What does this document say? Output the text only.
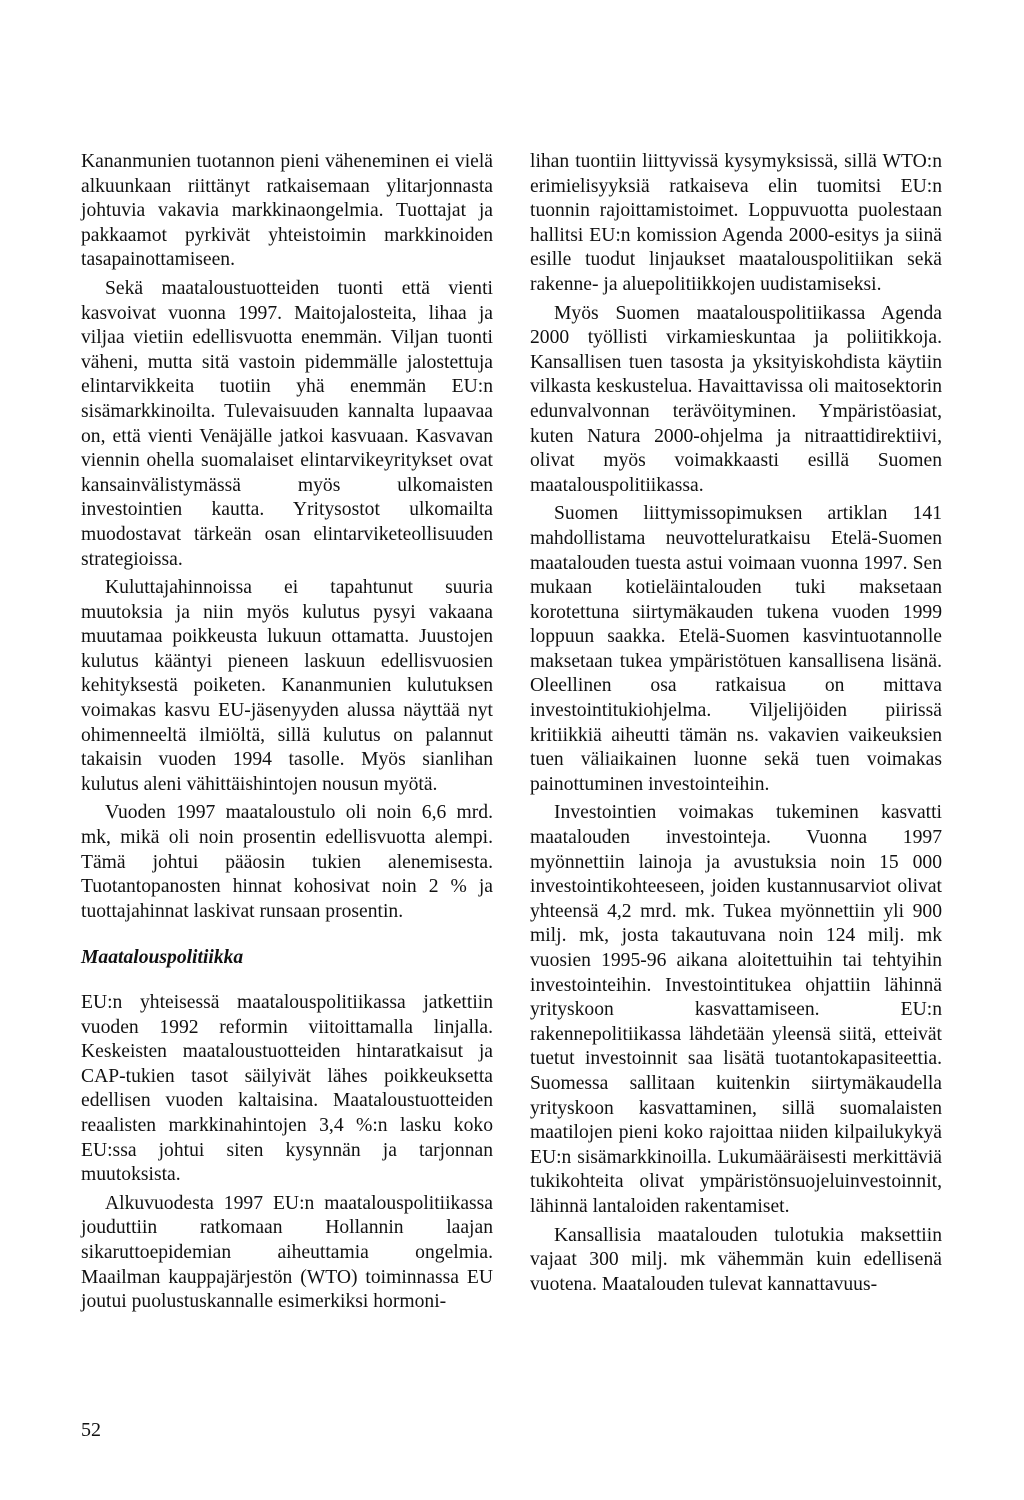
Kananmunien tuotannon pieni väheneminen ei vielä alkuunkaan riittänyt ratkaisemaan ylitarjonnasta johtuvia vakavia markkinaongelmia. Tuottajat ja pakkaamot pyrkivät yhteistoimin markkinoiden tasapainottamiseen.

Sekä maataloustuotteiden tuonti että vienti kasvoivat vuonna 1997. Maitojalosteita, lihaa ja viljaa vietiin edellisvuotta enemmän. Viljan tuonti väheni, mutta sitä vastoin pidemmälle jalostettuja elintarvikkeita tuotiin yhä enemmän EU:n sisämarkkinoilta. Tulevaisuuden kannalta lupaavaa on, että vienti Venäjälle jatkoi kasvuaan. Kasvavan viennin ohella suomalaiset elintarvikeyritykset ovat kansainvälistymässä myös ulkomaisten investointien kautta. Yritysostot ulkomailta muodostavat tärkeän osan elintarviketeollisuuden strategioissa.

Kuluttajahinnoissa ei tapahtunut suuria muutoksia ja niin myös kulutus pysyi vakaana muutamaa poikkeusta lukuun ottamatta. Juustojen kulutus kääntyi pieneen laskuun edellisvuosien kehityksestä poiketen. Kananmunien kulutuksen voimakas kasvu EU-jäsenyyden alussa näyttää nyt ohimenneeltä ilmiöltä, sillä kulutus on palannut takaisin vuoden 1994 tasolle. Myös sianlihan kulutus aleni vähittäishintojen nousun myötä.

Vuoden 1997 maataloustulo oli noin 6,6 mrd. mk, mikä oli noin prosentin edellisvuotta alempi. Tämä johtui pääosin tukien alenemisesta. Tuotantopanosten hinnat kohosivat noin 2 % ja tuottajahinnat laskivat runsaan prosentin.

Maatalouspolitiikka

EU:n yhteisessä maatalouspolitiikassa jatkettiin vuoden 1992 reformin viitoittamalla linjalla. Keskeisten maataloustuotteiden hintaratkaisut ja CAP-tukien tasot säilyivät lähes poikkeuksetta edellisen vuoden kaltaisina. Maataloustuotteiden reaalisten markkinahintojen 3,4 %:n lasku koko EU:ssa johtui siten kysynnän ja tarjonnan muutoksista.

Alkuvuodesta 1997 EU:n maatalouspolitiikassa jouduttiin ratkomaan Hollannin laajan sikaruttoepidemian aiheuttamia ongelmia. Maailman kauppajärjestön (WTO) toiminnassa EU joutui puolustuskannalle esimerkiksi hormoni-

lihan tuontiin liittyvissä kysymyksissä, sillä WTO:n erimielisyyksiä ratkaiseva elin tuomitsi EU:n tuonnin rajoittamistoimet. Loppuvuotta puolestaan hallitsi EU:n komission Agenda 2000-esitys ja siinä esille tuodut linjaukset maatalouspolitiikan sekä rakenne- ja aluepolitiikkojen uudistamiseksi.

Myös Suomen maatalouspolitiikassa Agenda 2000 työllisti virkamieskuntaa ja poliitikkoja. Kansallisen tuen tasosta ja yksityiskohdista käytiin vilkasta keskustelua. Havaittavissa oli maitosektorin edunvalvonnan terävöityminen. Ympäristöasiat, kuten Natura 2000-ohjelma ja nitraattidirektiivi, olivat myös voimakkaasti esillä Suomen maatalouspolitiikassa.

Suomen liittymissopimuksen artiklan 141 mahdollistama neuvotteluratkaisu Etelä-Suomen maatalouden tuesta astui voimaan vuonna 1997. Sen mukaan kotieläintalouden tuki maksetaan korotettuna siirtymäkauden tukena vuoden 1999 loppuun saakka. Etelä-Suomen kasvintuotannolle maksetaan tukea ympäristötuen kansallisena lisänä. Oleellinen osa ratkaisua on mittava investointitukiohjelma. Viljelijöiden piirissä kritiikkiä aiheutti tämän ns. vakavien vaikeuksien tuen väliaikainen luonne sekä tuen voimakas painottuminen investointeihin.

Investointien voimakas tukeminen kasvatti maatalouden investointeja. Vuonna 1997 myönnettiin lainoja ja avustuksia noin 15 000 investointikohteeseen, joiden kustannusarviot olivat yhteensä 4,2 mrd. mk. Tukea myönnettiin yli 900 milj. mk, josta takautuvana noin 124 milj. mk vuosien 1995-96 aikana aloitettuihin tai tehtyihin investointeihin. Investointitukea ohjattiin lähinnä yrityskoon kasvattamiseen. EU:n rakennepolitiikassa lähdetään yleensä siitä, etteivät tuetut investoinnit saa lisätä tuotantokapasiteettia. Suomessa sallitaan kuitenkin siirtymäkaudella yrityskoon kasvattaminen, sillä suomalaisten maatilojen pieni koko rajoittaa niiden kilpailukykyä EU:n sisämarkkinoilla. Lukumääräisesti merkittäviä tukikohteita olivat ympäristönsuojeluinvestoinnit, lähinnä lantaloiden rakentamiset.

Kansallisia maatalouden tulotukia maksettiin vajaat 300 milj. mk vähemmän kuin edellisenä vuotena. Maatalouden tulevat kannattavuus-

52
